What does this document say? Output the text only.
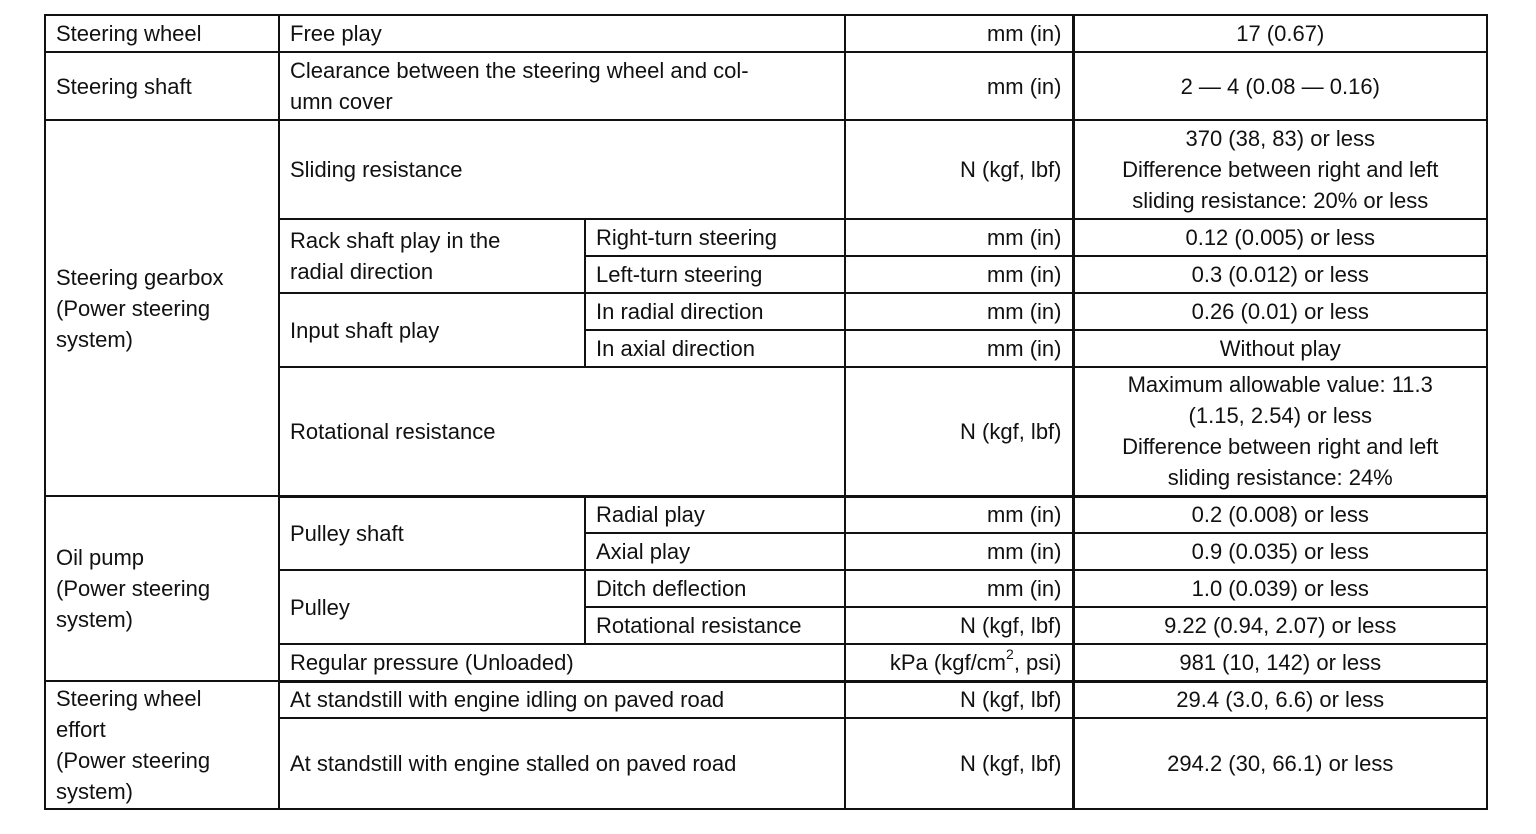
Steering wheel	Free play		mm (in)	17 (0.67)
Steering shaft	Clearance between the steering wheel and col-
umn cover		mm (in)	2 — 4 (0.08 — 0.16)

Steering gearbox
(Power steering
system)	Sliding resistance		N (kgf, lbf)	370 (38, 83) or less
Difference between right and left
sliding resistance: 20% or less

	Rack shaft play in the
radial direction	Right-turn steering	mm (in)	0.12 (0.005) or less
		Left-turn steering	mm (in)	0.3 (0.012) or less
	Input shaft play	In radial direction	mm (in)	0.26 (0.01) or less
		In axial direction	mm (in)	Without play
	Rotational resistance		N (kgf, lbf)	Maximum allowable value: 11.3
(1.15, 2.54) or less
Difference between right and left
sliding resistance: 24%

Oil pump
(Power steering
system)	Pulley shaft	Radial play	mm (in)	0.2 (0.008) or less
		Axial play	mm (in)	0.9 (0.035) or less
	Pulley	Ditch deflection	mm (in)	1.0 (0.039) or less
		Rotational resistance	N (kgf, lbf)	9.22 (0.94, 2.07) or less
	Regular pressure (Unloaded)		kPa ($kgf/cm^2$, psi)	981 (10, 142) or less

Steering wheel
effort
(Power steering
system)	At standstill with engine idling on paved road		N (kgf, lbf)	29.4 (3.0, 6.6) or less
	At standstill with engine stalled on paved road		N (kgf, lbf)	294.2 (30, 66.1) or less
